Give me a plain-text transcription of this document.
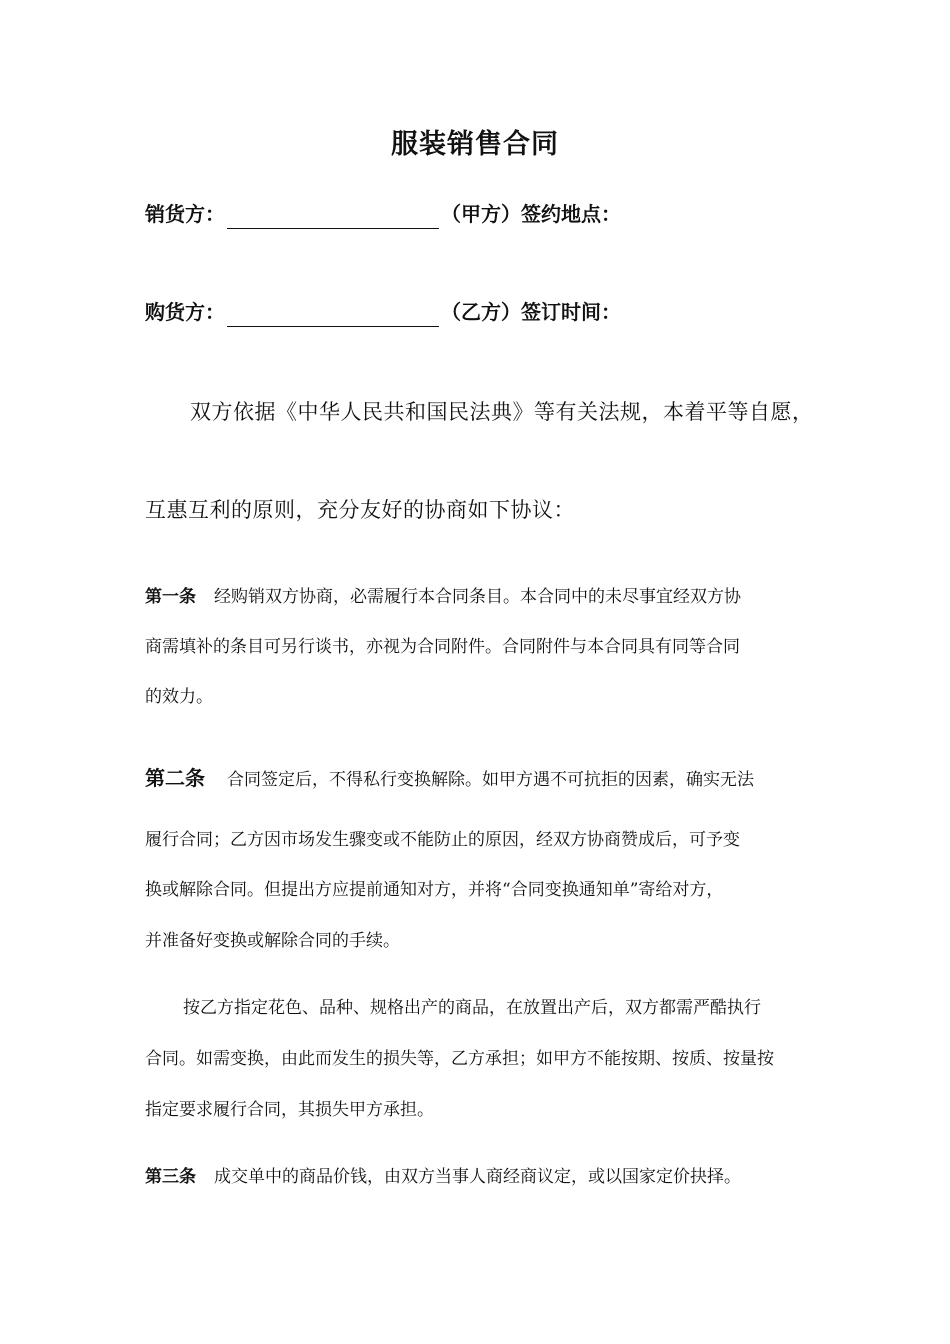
服装销售合同
销货方：	（甲方）签约地点：
购货方：	（乙方）签订时间：
双方依据《中华人民共和国民法典》等有关法规，本着平等自愿，
互惠互利的原则，充分友好的协商如下协议：
第一条 经购销双方协商，必需履行本合同条目。本合同中的未尽事宜经双方协
商需填补的条目可另行谈书，亦视为合同附件。合同附件与本合同具有同等合同
的效力。
第二条 合同签定后，不得私行变换解除。如甲方遇不可抗拒的因素，确实无法
履行合同；乙方因市场发生骤变或不能防止的原因，经双方协商赞成后，可予变
换或解除合同。但提出方应提前通知对方，并将“合同变换通知单”寄给对方，
并准备好变换或解除合同的手续。
按乙方指定花色、品种、规格出产的商品，在放置出产后，双方都需严酷执行
合同。如需变换，由此而发生的损失等，乙方承担；如甲方不能按期、按质、按量按
指定要求履行合同，其损失甲方承担。
第三条 成交单中的商品价钱，由双方当事人商经商议定，或以国家定价抉择。
